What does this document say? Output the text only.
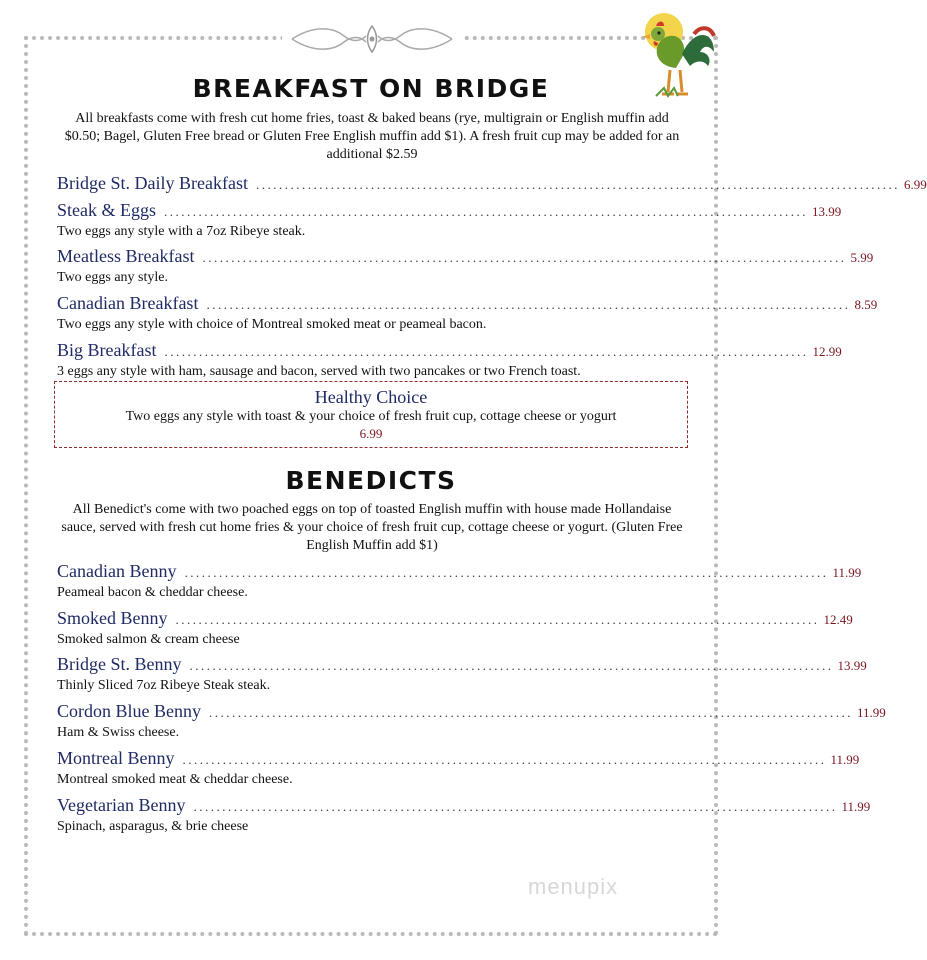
BREAKFAST ON BRIDGE
All breakfasts come with fresh cut home fries, toast & baked beans (rye, multigrain or English muffin add $0.50; Bagel, Gluten Free bread or Gluten Free English muffin add $1). A fresh fruit cup may be added for an additional $2.59
Bridge St. Daily Breakfast ................................................................................................................ 6.99
Steak & Eggs ................................................................................................................ 13.99
Two eggs any style with a 7oz Ribeye steak.
Meatless Breakfast ................................................................................................................ 5.99
Two eggs any style.
Canadian Breakfast ................................................................................................................ 8.59
Two eggs any style with choice of Montreal smoked meat or peameal bacon.
Big Breakfast ................................................................................................................ 12.99
3 eggs any style with ham, sausage and bacon, served with two pancakes or two French toast.
Healthy Choice
Two eggs any style with toast & your choice of fresh fruit cup, cottage cheese or yogurt
6.99
BENEDICTS
All Benedict's come with two poached eggs on top of toasted English muffin with house made Hollandaise sauce, served with fresh cut home fries & your choice of fresh fruit cup, cottage cheese or yogurt. (Gluten Free English Muffin add $1)
Canadian Benny ................................................................................................................ 11.99
Peameal bacon & cheddar cheese.
Smoked Benny ................................................................................................................ 12.49
Smoked salmon & cream cheese
Bridge St. Benny ................................................................................................................ 13.99
Thinly Sliced 7oz Ribeye Steak steak.
Cordon Blue Benny ................................................................................................................ 11.99
Ham & Swiss cheese.
Montreal Benny ................................................................................................................ 11.99
Montreal smoked meat & cheddar cheese.
Vegetarian Benny ................................................................................................................ 11.99
Spinach, asparagus, & brie cheese
menupix
